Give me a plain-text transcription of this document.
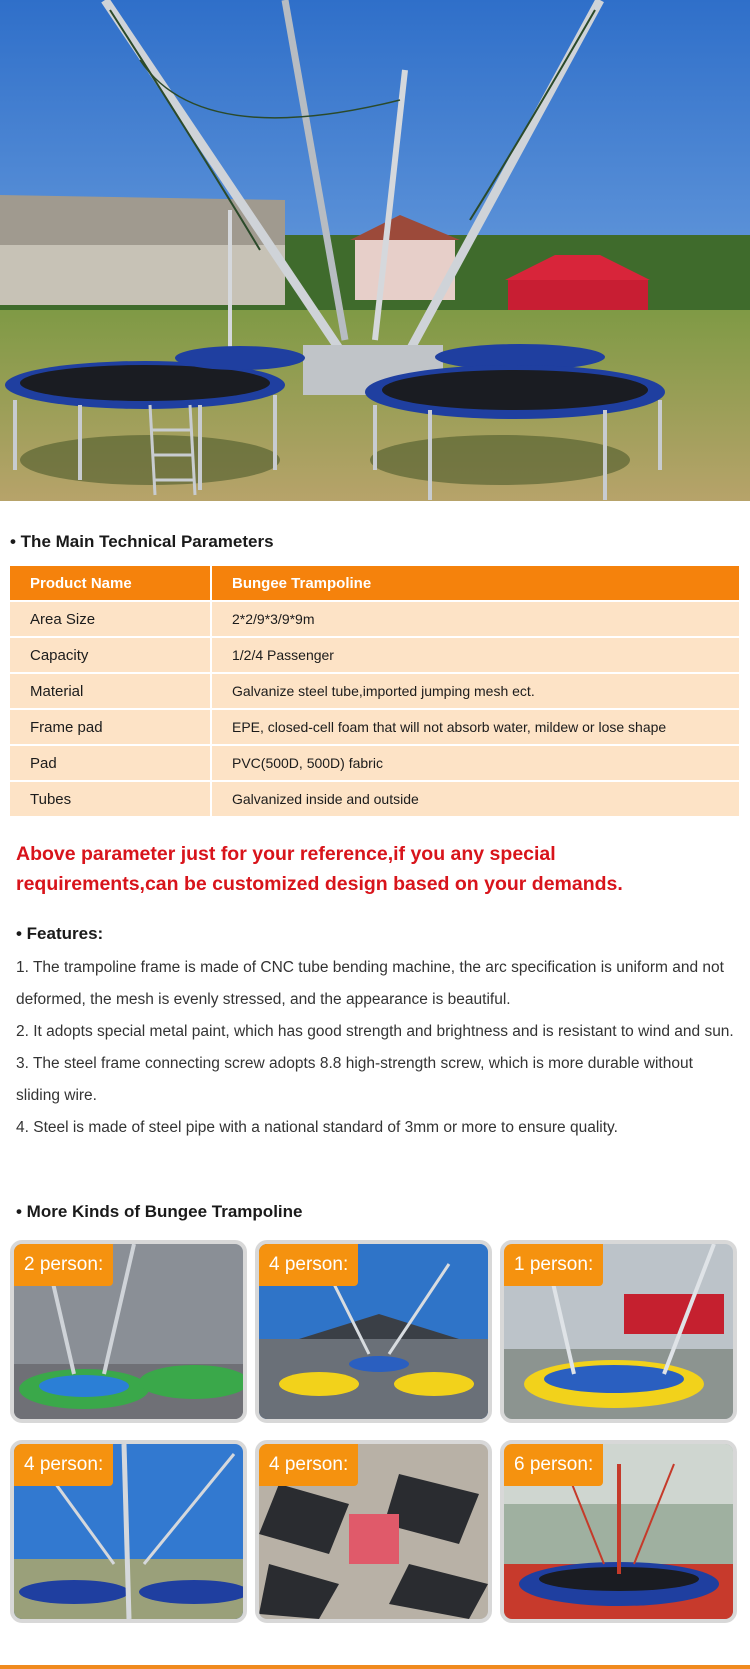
• The Main Technical Parameters
Product Name	Bungee Trampoline
Area Size	2*2/9*3/9*9m
Capacity	1/2/4 Passenger
Material	Galvanize steel tube,imported jumping mesh ect.
Frame pad	EPE, closed-cell foam that will not absorb water, mildew or lose shape
Pad	PVC(500D, 500D) fabric
Tubes	Galvanized inside and outside
Above parameter just for your reference,if you any special requirements,can be customized design based on your demands.
• Features:

1. The trampoline frame is made of CNC tube bending machine, the arc specification is uniform and not deformed, the mesh is evenly stressed, and the appearance is beautiful.

2. It adopts special metal paint, which has good strength and brightness and is resistant to wind and sun.

3. The steel frame connecting screw adopts 8.8 high-strength screw, which is more durable without sliding wire.

4. Steel is made of steel pipe with a national standard of 3mm or more to ensure quality.

• More Kinds of Bungee Trampoline
2 person:	4 person:	1 person:
4 person:	4 person:	6 person:
